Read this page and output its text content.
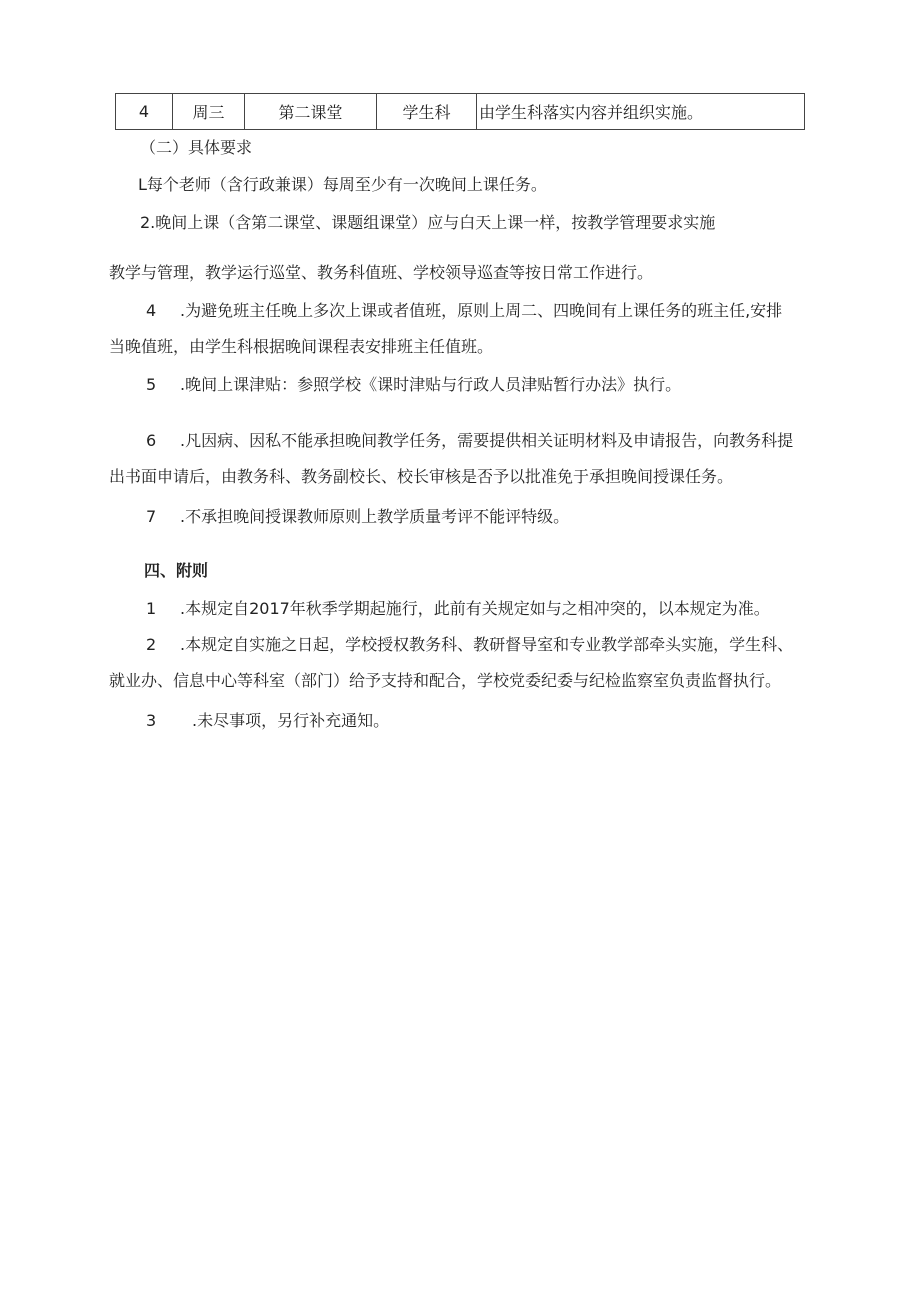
4	周三	第二课堂	学生科	由学生科落实内容并组织实施。
（二）具体要求
L每个老师（含行政兼课）每周至少有一次晚间上课任务。
2.晚间上课（含第二课堂、课题组课堂）应与白天上课一样，按教学管理要求实施
教学与管理，教学运行巡堂、教务科值班、学校领导巡查等按日常工作进行。
4 .为避免班主任晚上多次上课或者值班，原则上周二、四晚间有上课任务的班主任,安排
当晚值班，由学生科根据晚间课程表安排班主任值班。
5 .晚间上课津贴：参照学校《课时津贴与行政人员津贴暂行办法》执行。
6 .凡因病、因私不能承担晚间教学任务，需要提供相关证明材料及申请报告，向教务科提
出书面申请后，由教务科、教务副校长、校长审核是否予以批准免于承担晚间授课任务。
7 .不承担晚间授课教师原则上教学质量考评不能评特级。
四、附则
1 .本规定自2017年秋季学期起施行，此前有关规定如与之相冲突的，以本规定为准。
2 .本规定自实施之日起，学校授权教务科、教研督导室和专业教学部牵头实施，学生科、
就业办、信息中心等科室（部门）给予支持和配合，学校党委纪委与纪检监察室负责监督执行。
3 .未尽事项，另行补充通知。
